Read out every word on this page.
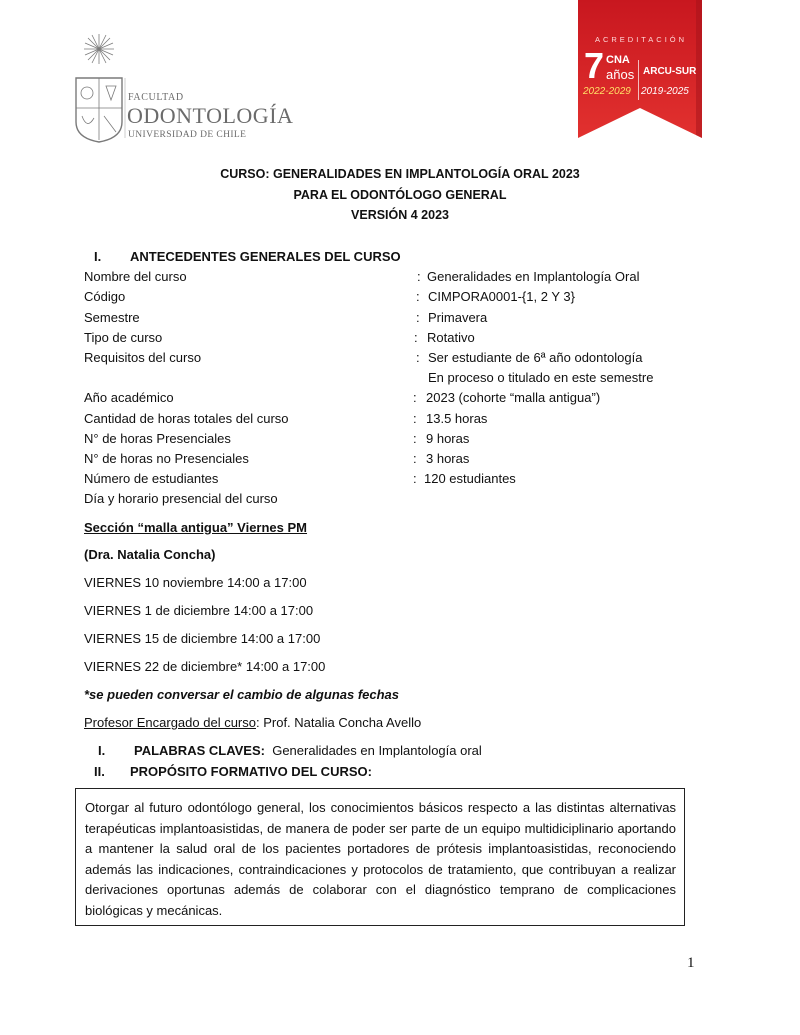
FACULTAD
ODONTOLOGÍA
UNIVERSIDAD DE CHILE
ACREDITACIÓN
7 CNA
años ARCU-SUR
2022-2029 2019-2025
CURSO: GENERALIDADES EN IMPLANTOLOGÍA ORAL 2023
PARA EL ODONTÓLOGO GENERAL
VERSIÓN 4 2023
I. ANTECEDENTES GENERALES DEL CURSO
Nombre del curso	: Generalidades en Implantología Oral
Código	: CIMPORA0001-{1, 2 Y 3}
Semestre	: Primavera
Tipo de curso	: Rotativo
Requisitos del curso	: Ser estudiante de 6ª año odontología
En proceso o titulado en este semestre
Año académico	: 2023 (cohorte “malla antigua”)
Cantidad de horas totales del curso	: 13.5 horas
N° de horas Presenciales	: 9 horas
N° de horas no Presenciales	: 3 horas
Número de estudiantes	: 120 estudiantes
Día y horario presencial del curso
Sección “malla antigua” Viernes PM
(Dra. Natalia Concha)
VIERNES 10 noviembre 14:00 a 17:00
VIERNES 1 de diciembre 14:00 a 17:00
VIERNES 15 de diciembre 14:00 a 17:00
VIERNES 22 de diciembre* 14:00 a 17:00
*se pueden conversar el cambio de algunas fechas
Profesor Encargado del curso: Prof. Natalia Concha Avello
I. PALABRAS CLAVES: Generalidades en Implantología oral
II. PROPÓSITO FORMATIVO DEL CURSO:

Otorgar al futuro odontólogo general, los conocimientos básicos respecto a las distintas alternativas terapéuticas implantoasistidas, de manera de poder ser parte de un equipo multidiciplinario aportando a mantener la salud oral de los pacientes portadores de prótesis implantoasistidas, reconociendo además las indicaciones, contraindicaciones y protocolos de tratamiento, que contribuyan a realizar derivaciones oportunas además de colaborar con el diagnóstico temprano de complicaciones biológicas y mecánicas.

1
